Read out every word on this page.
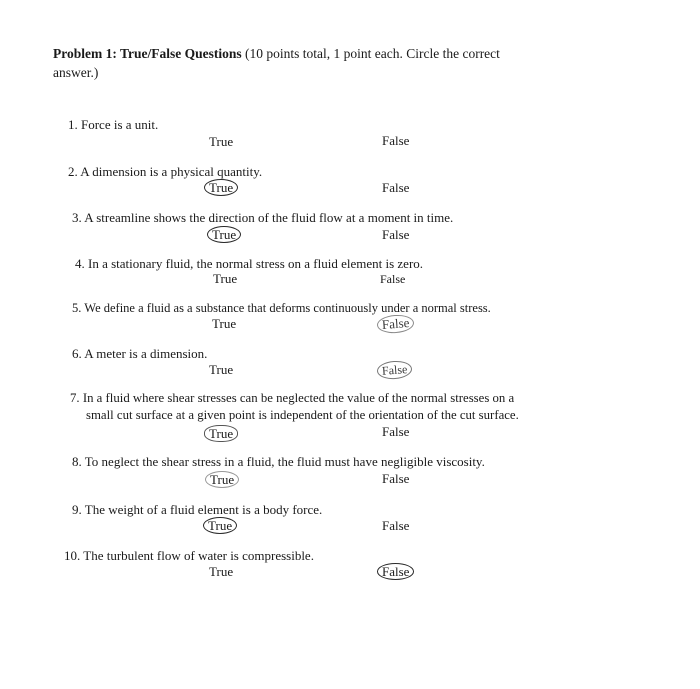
Problem 1: True/False Questions (10 points total, 1 point each. Circle the correct
answer.)
1. Force is a unit.
True	False
2. A dimension is a physical quantity.
True	False
3. A streamline shows the direction of the fluid flow at a moment in time.
True	False
4. In a stationary fluid, the normal stress on a fluid element is zero.
True	False
5. We define a fluid as a substance that deforms continuously under a normal stress.
True	False
6. A meter is a dimension.
True	False
7. In a fluid where shear stresses can be neglected the value of the normal stresses on a
small cut surface at a given point is independent of the orientation of the cut surface.
True	False
8. To neglect the shear stress in a fluid, the fluid must have negligible viscosity.
True	False
9. The weight of a fluid element is a body force.
True	False
10. The turbulent flow of water is compressible.
True	False
